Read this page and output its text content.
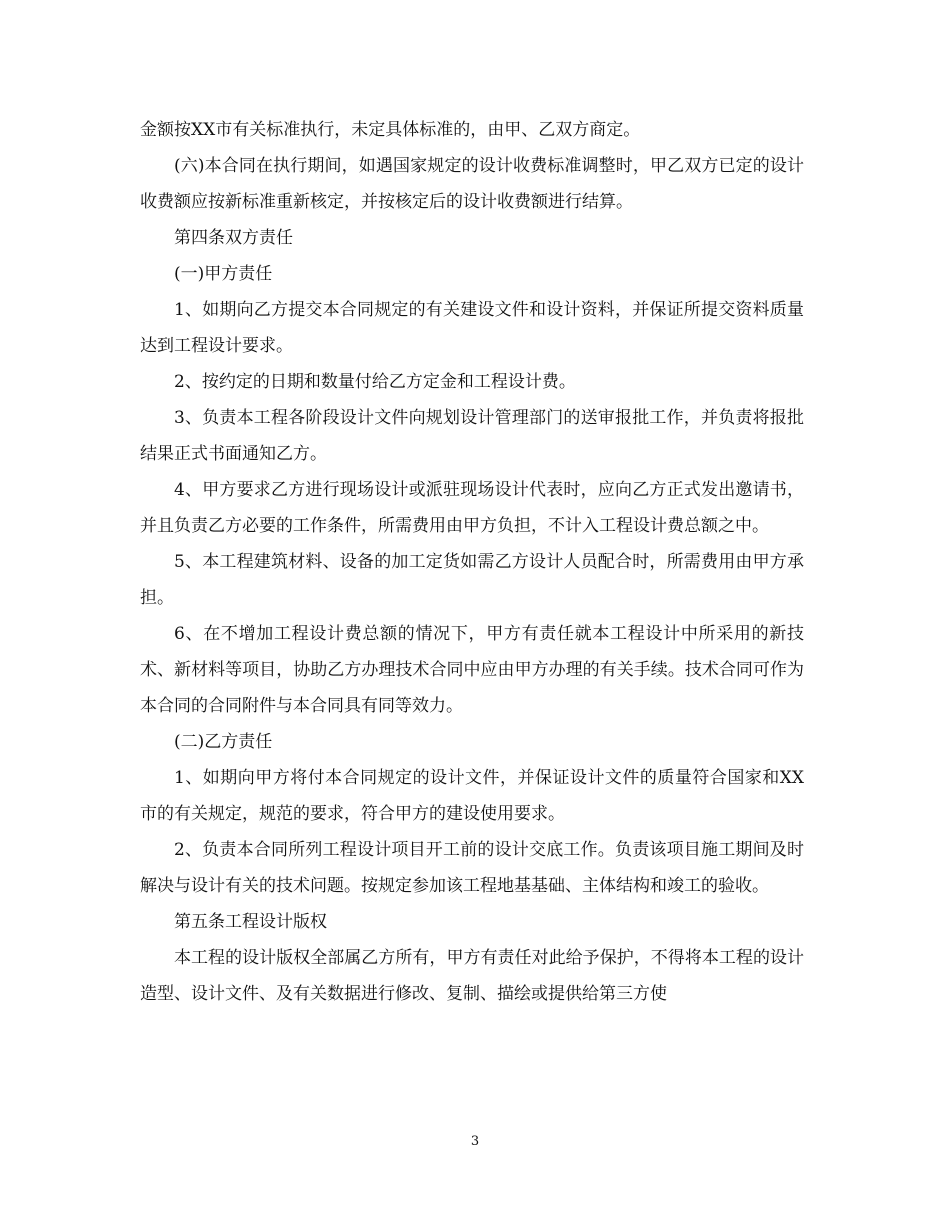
金额按XX市有关标准执行，未定具体标准的，由甲、乙双方商定。

(六)本合同在执行期间，如遇国家规定的设计收费标准调整时，甲乙双方已定的设计收费额应按新标准重新核定，并按核定后的设计收费额进行结算。

第四条双方责任

(一)甲方责任

1、如期向乙方提交本合同规定的有关建设文件和设计资料，并保证所提交资料质量达到工程设计要求。

2、按约定的日期和数量付给乙方定金和工程设计费。

3、负责本工程各阶段设计文件向规划设计管理部门的送审报批工作，并负责将报批结果正式书面通知乙方。

4、甲方要求乙方进行现场设计或派驻现场设计代表时，应向乙方正式发出邀请书，并且负责乙方必要的工作条件，所需费用由甲方负担，不计入工程设计费总额之中。

5、本工程建筑材料、设备的加工定货如需乙方设计人员配合时，所需费用由甲方承担。

6、在不增加工程设计费总额的情况下，甲方有责任就本工程设计中所采用的新技术、新材料等项目，协助乙方办理技术合同中应由甲方办理的有关手续。技术合同可作为本合同的合同附件与本合同具有同等效力。

(二)乙方责任

1、如期向甲方将付本合同规定的设计文件，并保证设计文件的质量符合国家和XX市的有关规定，规范的要求，符合甲方的建设使用要求。

2、负责本合同所列工程设计项目开工前的设计交底工作。负责该项目施工期间及时解决与设计有关的技术问题。按规定参加该工程地基基础、主体结构和竣工的验收。

第五条工程设计版权

本工程的设计版权全部属乙方所有，甲方有责任对此给予保护，不得将本工程的设计造型、设计文件、及有关数据进行修改、复制、描绘或提供给第三方使

3
